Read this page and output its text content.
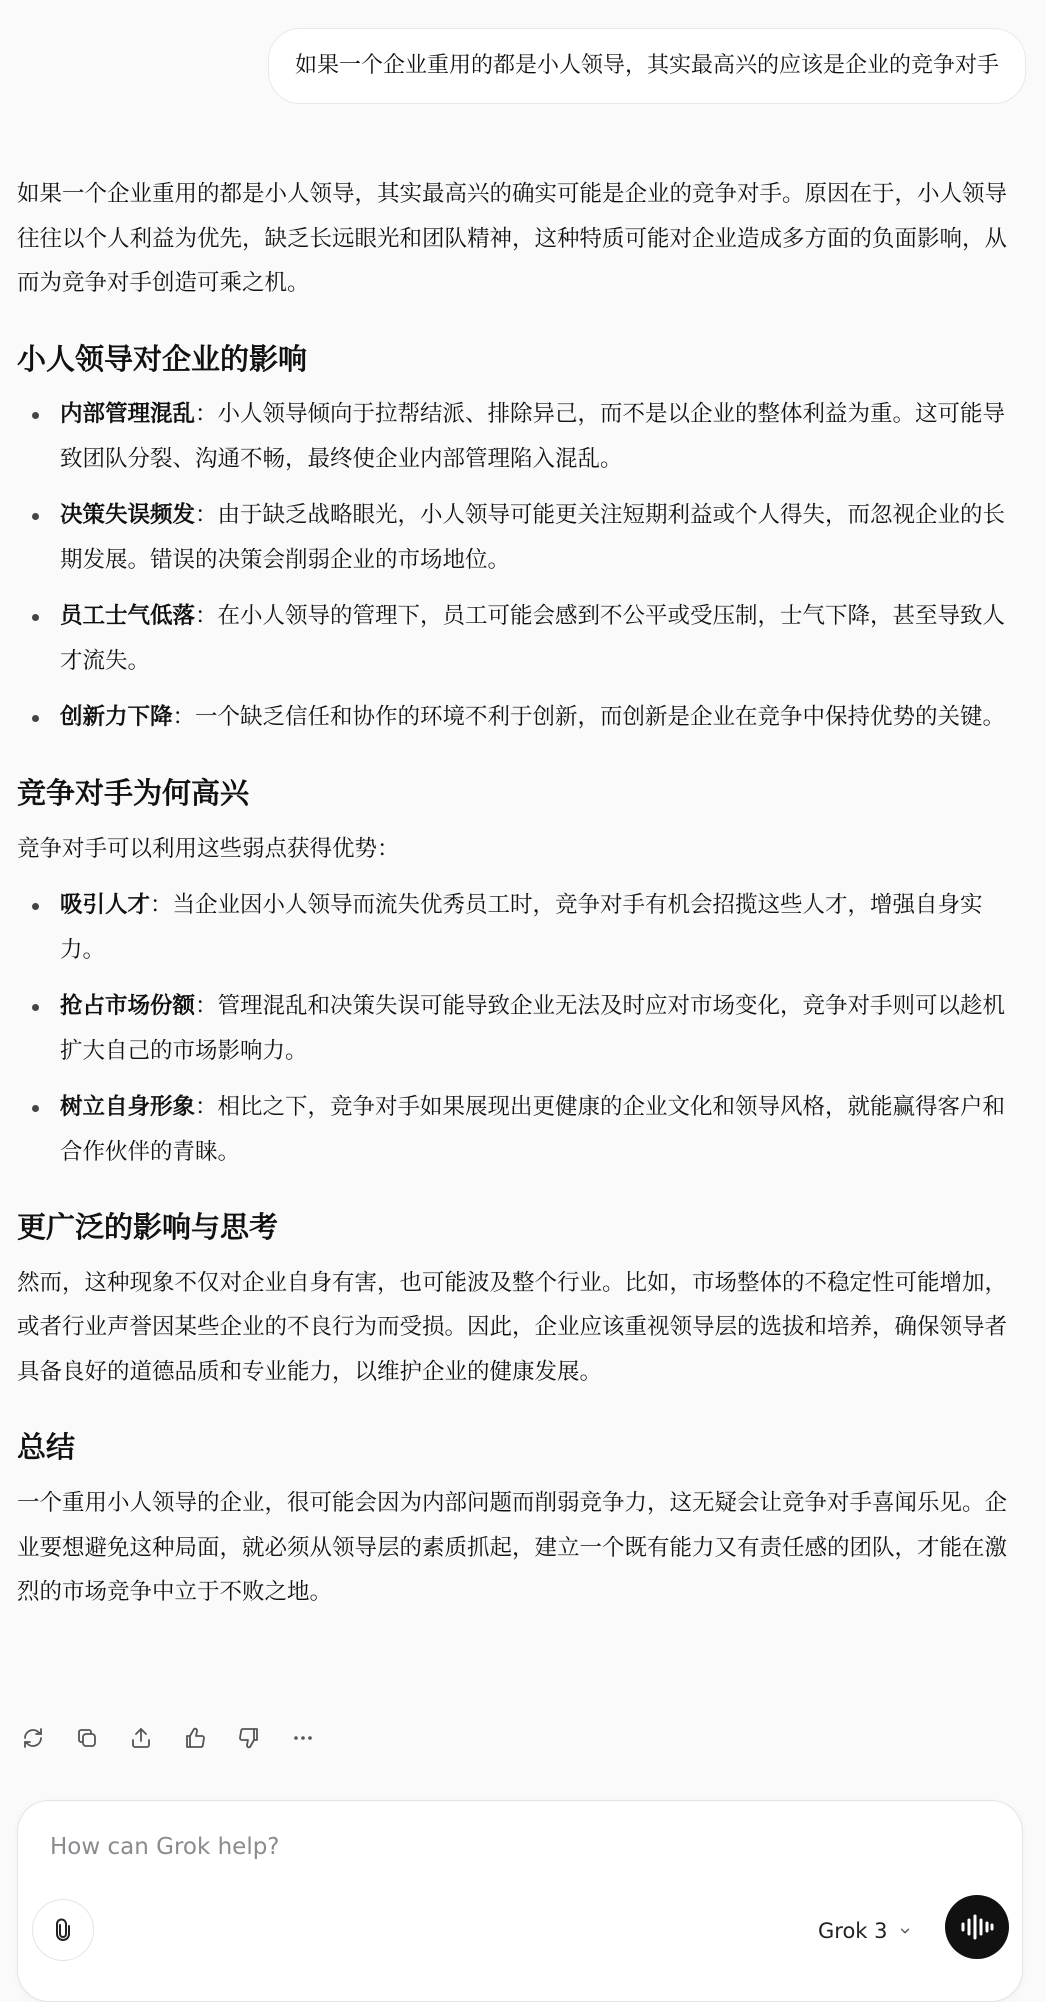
如果一个企业重用的都是小人领导，其实最高兴的应该是企业的竞争对手

如果一个企业重用的都是小人领导，其实最高兴的确实可能是企业的竞争对手。原因在于，小人领导往往以个人利益为优先，缺乏长远眼光和团队精神，这种特质可能对企业造成多方面的负面影响，从而为竞争对手创造可乘之机。

小人领导对企业的影响
内部管理混乱：小人领导倾向于拉帮结派、排除异己，而不是以企业的整体利益为重。这可能导致团队分裂、沟通不畅，最终使企业内部管理陷入混乱。
决策失误频发：由于缺乏战略眼光，小人领导可能更关注短期利益或个人得失，而忽视企业的长期发展。错误的决策会削弱企业的市场地位。
员工士气低落：在小人领导的管理下，员工可能会感到不公平或受压制，士气下降，甚至导致人才流失。
创新力下降：一个缺乏信任和协作的环境不利于创新，而创新是企业在竞争中保持优势的关键。
竞争对手为何高兴

竞争对手可以利用这些弱点获得优势：

吸引人才：当企业因小人领导而流失优秀员工时，竞争对手有机会招揽这些人才，增强自身实力。
抢占市场份额：管理混乱和决策失误可能导致企业无法及时应对市场变化，竞争对手则可以趁机扩大自己的市场影响力。
树立自身形象：相比之下，竞争对手如果展现出更健康的企业文化和领导风格，就能赢得客户和合作伙伴的青睐。
更广泛的影响与思考

然而，这种现象不仅对企业自身有害，也可能波及整个行业。比如，市场整体的不稳定性可能增加，或者行业声誉因某些企业的不良行为而受损。因此，企业应该重视领导层的选拔和培养，确保领导者具备良好的道德品质和专业能力，以维护企业的健康发展。

总结

一个重用小人领导的企业，很可能会因为内部问题而削弱竞争力，这无疑会让竞争对手喜闻乐见。企业要想避免这种局面，就必须从领导层的素质抓起，建立一个既有能力又有责任感的团队，才能在激烈的市场竞争中立于不败之地。

How can Grok help?
Grok 3
